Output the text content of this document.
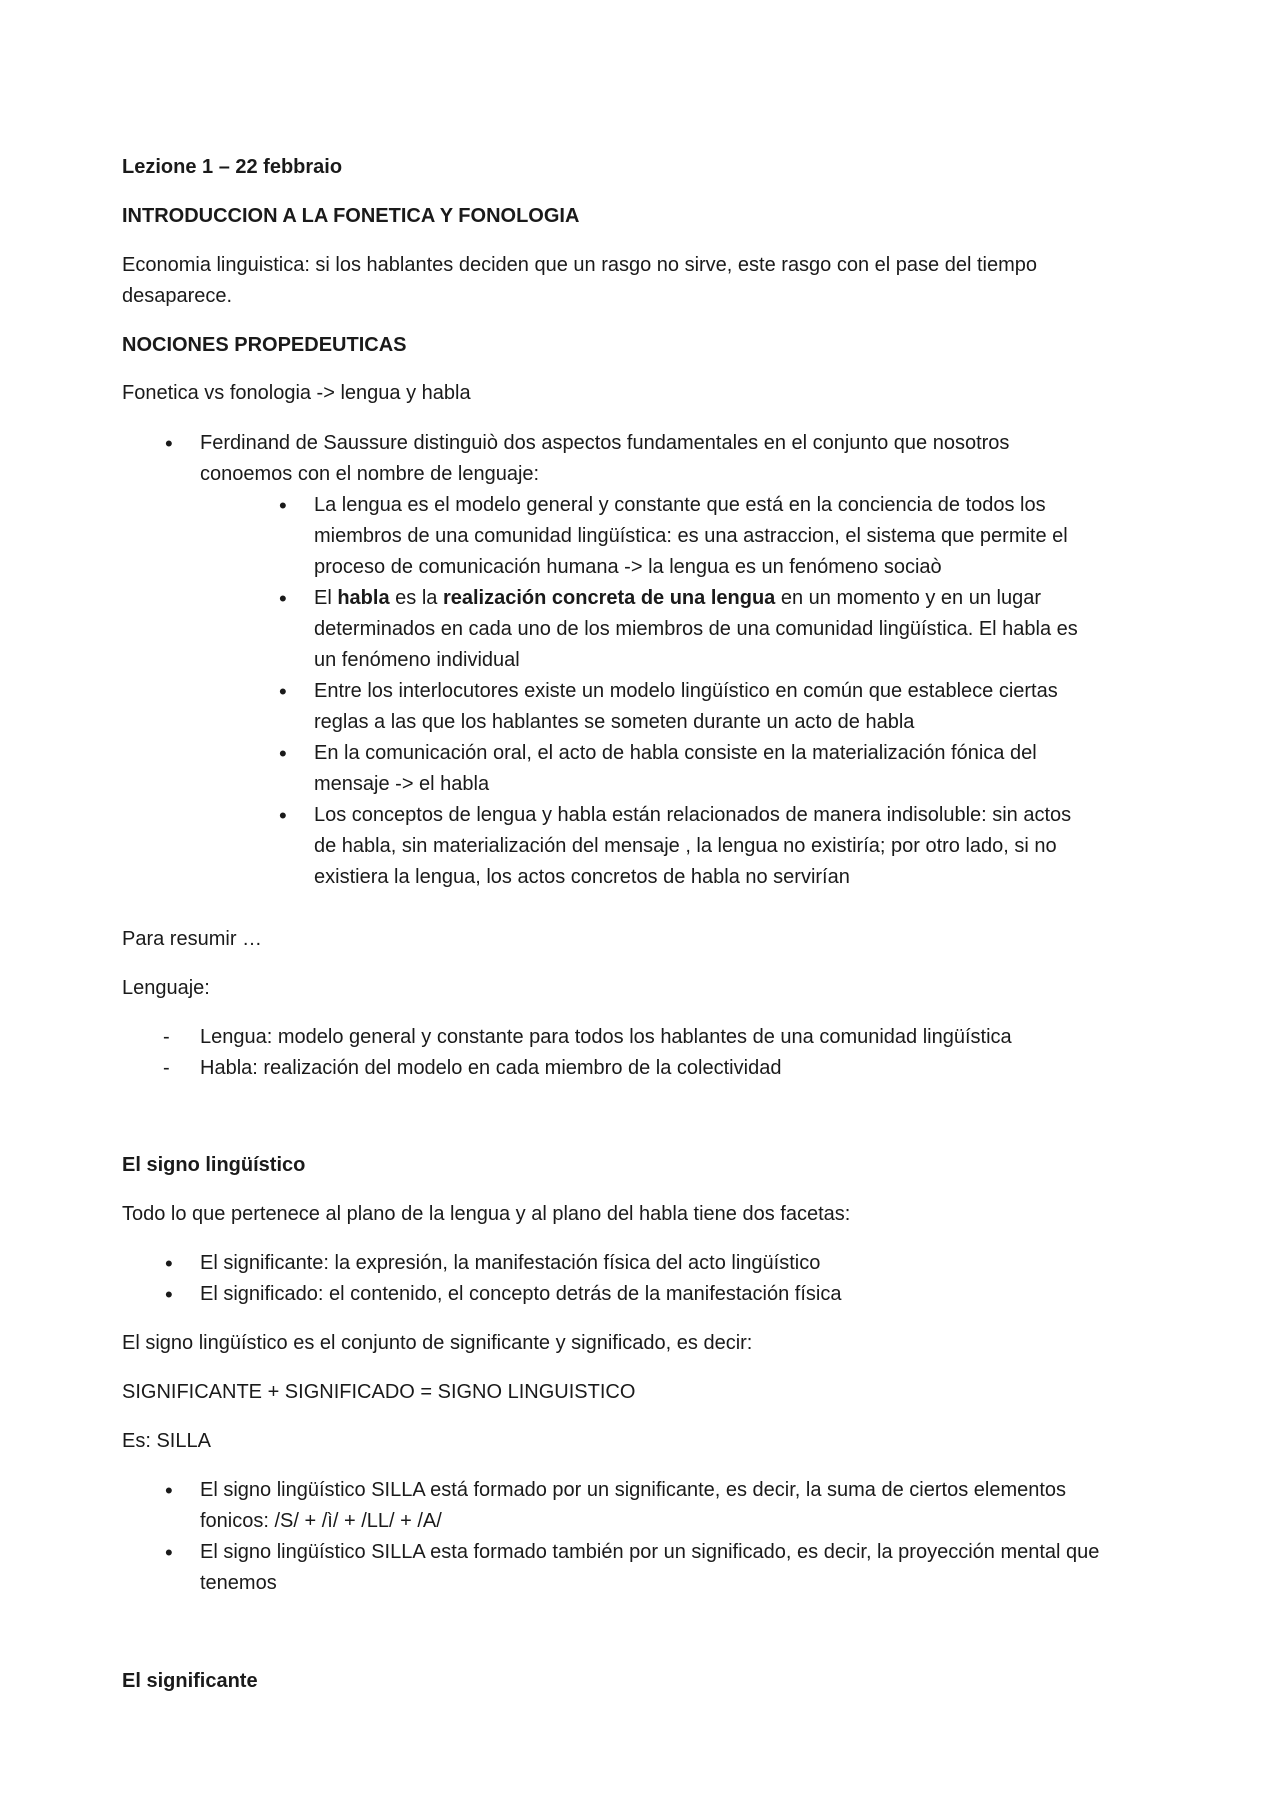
Lezione 1 – 22 febbraio

INTRODUCCION A LA FONETICA Y FONOLOGIA

Economia linguistica: si los hablantes deciden que un rasgo no sirve, este rasgo con el pase del tiempo desaparece.

NOCIONES PROPEDEUTICAS

Fonetica vs fonologia -> lengua y habla

• Ferdinand de Saussure distinguiò dos aspectos fundamentales en el conjunto que nosotros conoemos con el nombre de lenguaje:
• La lengua es el modelo general y constante que está en la conciencia de todos los miembros de una comunidad lingüística: es una astraccion, el sistema que permite el proceso de comunicación humana -> la lengua es un fenómeno sociaò
• El habla es la realización concreta de una lengua en un momento y en un lugar determinados en cada uno de los miembros de una comunidad lingüística. El habla es un fenómeno individual
• Entre los interlocutores existe un modelo lingüístico en común que establece ciertas reglas a las que los hablantes se someten durante un acto de habla
• En la comunicación oral, el acto de habla consiste en la materialización fónica del mensaje -> el habla
• Los conceptos de lengua y habla están relacionados de manera indisoluble: sin actos de habla, sin materialización del mensaje , la lengua no existiría; por otro lado, si no existiera la lengua, los actos concretos de habla no servirían

Para resumir …

Lenguaje:

- Lengua: modelo general y constante para todos los hablantes de una comunidad lingüística
- Habla: realización del modelo en cada miembro de la colectividad

El signo lingüístico

Todo lo que pertenece al plano de la lengua y al plano del habla tiene dos facetas:

• El significante: la expresión, la manifestación física del acto lingüístico
• El significado: el contenido, el concepto detrás de la manifestación física

El signo lingüístico es el conjunto de significante y significado, es decir:

SIGNIFICANTE + SIGNIFICADO = SIGNO LINGUISTICO

Es: SILLA

• El signo lingüístico SILLA está formado por un significante, es decir, la suma de ciertos elementos fonicos: /S/ + /ì/ + /LL/ + /A/
• El signo lingüístico SILLA esta formado también por un significado, es decir, la proyección mental que tenemos

El significante
